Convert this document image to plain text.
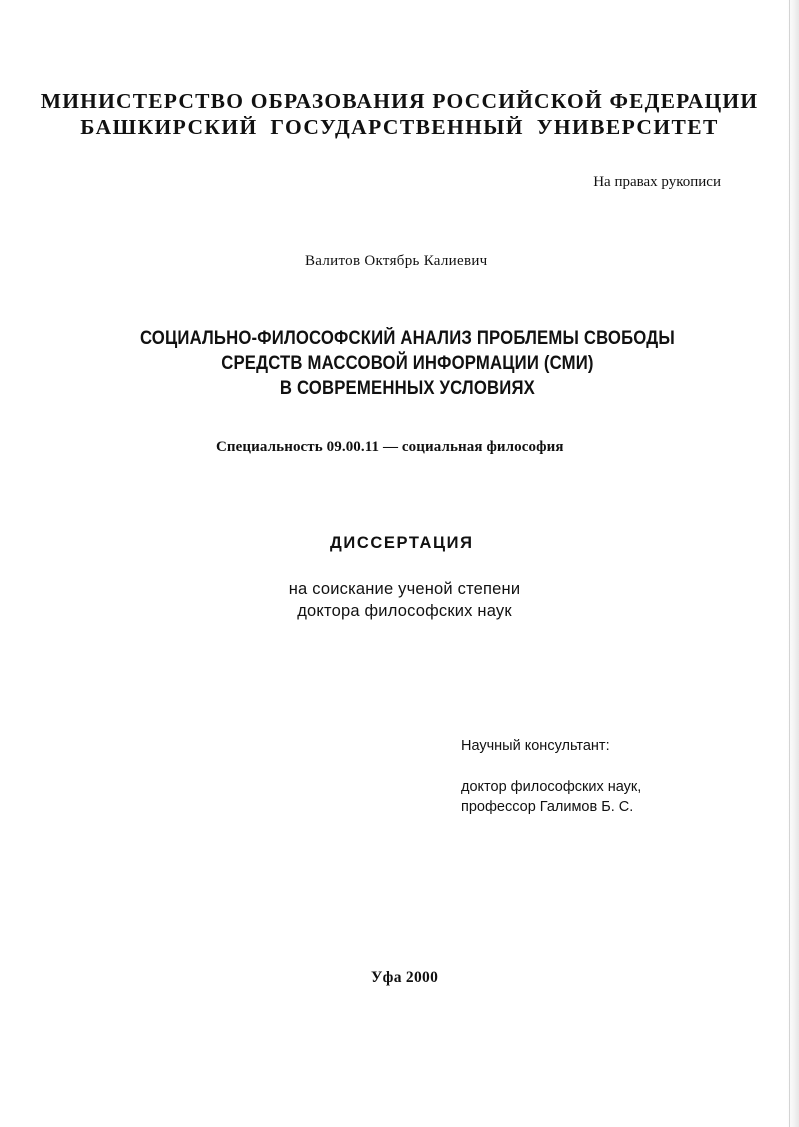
МИНИСТЕРСТВО ОБРАЗОВАНИЯ РОССИЙСКОЙ ФЕДЕРАЦИИ
БАШКИРСКИЙ ГОСУДАРСТВЕННЫЙ УНИВЕРСИТЕТ
На правах рукописи
Валитов Октябрь Калиевич
СОЦИАЛЬНО-ФИЛОСОФСКИЙ АНАЛИЗ ПРОБЛЕМЫ СВОБОДЫ
СРЕДСТВ МАССОВОЙ ИНФОРМАЦИИ (СМИ)
В СОВРЕМЕННЫХ УСЛОВИЯХ
Специальность 09.00.11 — социальная философия
ДИССЕРТАЦИЯ
на соискание ученой степени
доктора философских наук
Научный консультант:
доктор философских наук,
профессор Галимов Б. С.
Уфа 2000
